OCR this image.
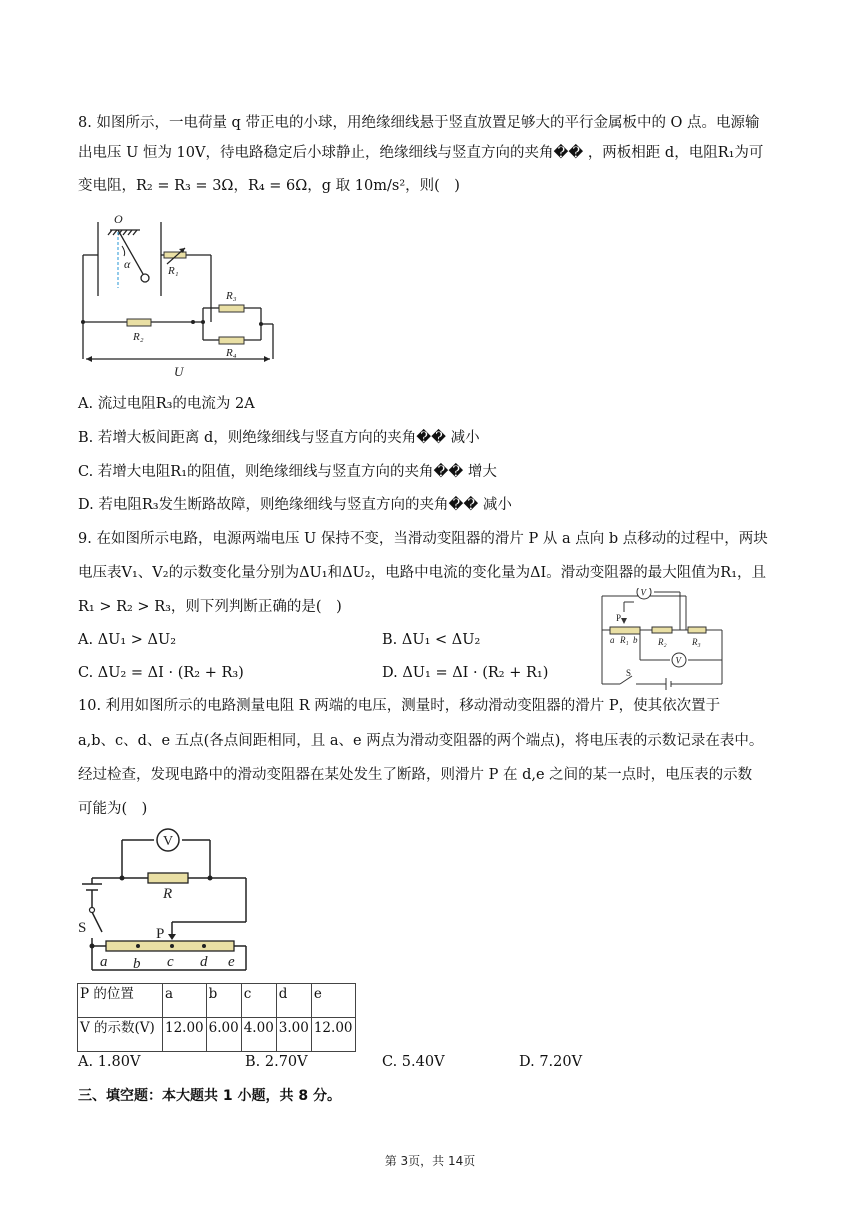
8. 如图所示，一电荷量 q 带正电的小球，用绝缘细线悬于竖直放置足够大的平行金属板中的 O 点。电源输
出电压 U 恒为 10V，待电路稳定后小球静止，绝缘细线与竖直方向的夹角�� ，两板相距 d，电阻R₁为可
变电阻，R₂ = R₃ = 3Ω，R₄ = 6Ω，g 取 10m/s²，则(　)
O
α	R₁
R₂
R₃
R₄
U
A. 流过电阻R₃的电流为 2A
B. 若增大板间距离 d，则绝缘细线与竖直方向的夹角�� 减小
C. 若增大电阻R₁的阻值，则绝缘细线与竖直方向的夹角�� 增大
D. 若电阻R₃发生断路故障，则绝缘细线与竖直方向的夹角�� 减小
9. 在如图所示电路，电源两端电压 U 保持不变，当滑动变阻器的滑片 P 从 a 点向 b 点移动的过程中，两块
电压表V₁、V₂的示数变化量分别为ΔU₁和ΔU₂，电路中电流的变化量为ΔI。滑动变阻器的最大阻值为R₁，且
R₁ > R₂ > R₃，则下列判断正确的是(　)
A. ΔU₁ > ΔU₂	B. ΔU₁ < ΔU₂
C. ΔU₂ = ΔI · (R₂ + R₃)	D. ΔU₁ = ΔI · (R₂ + R₁)
V
V
P
a R₁ b R₂	R₃
S
10. 利用如图所示的电路测量电阻 R 两端的电压，测量时，移动滑动变阻器的滑片 P，使其依次置于
a,b、c、d、e 五点(各点间距相同，且 a、e 两点为滑动变阻器的两个端点)，将电压表的示数记录在表中。
经过检查，发现电路中的滑动变阻器在某处发生了断路，则滑片 P 在 d,e 之间的某一点时，电压表的示数
可能为(　)
V
R
S	P
a b c d e
P 的位置	a	b	c	d	e
V 的示数(V)	12.00	6.00	4.00	3.00	12.00
A. 1.80V	B. 2.70V	C. 5.40V	D. 7.20V
三、填空题：本大题共 1 小题，共 8 分。
第 3页，共 14页
